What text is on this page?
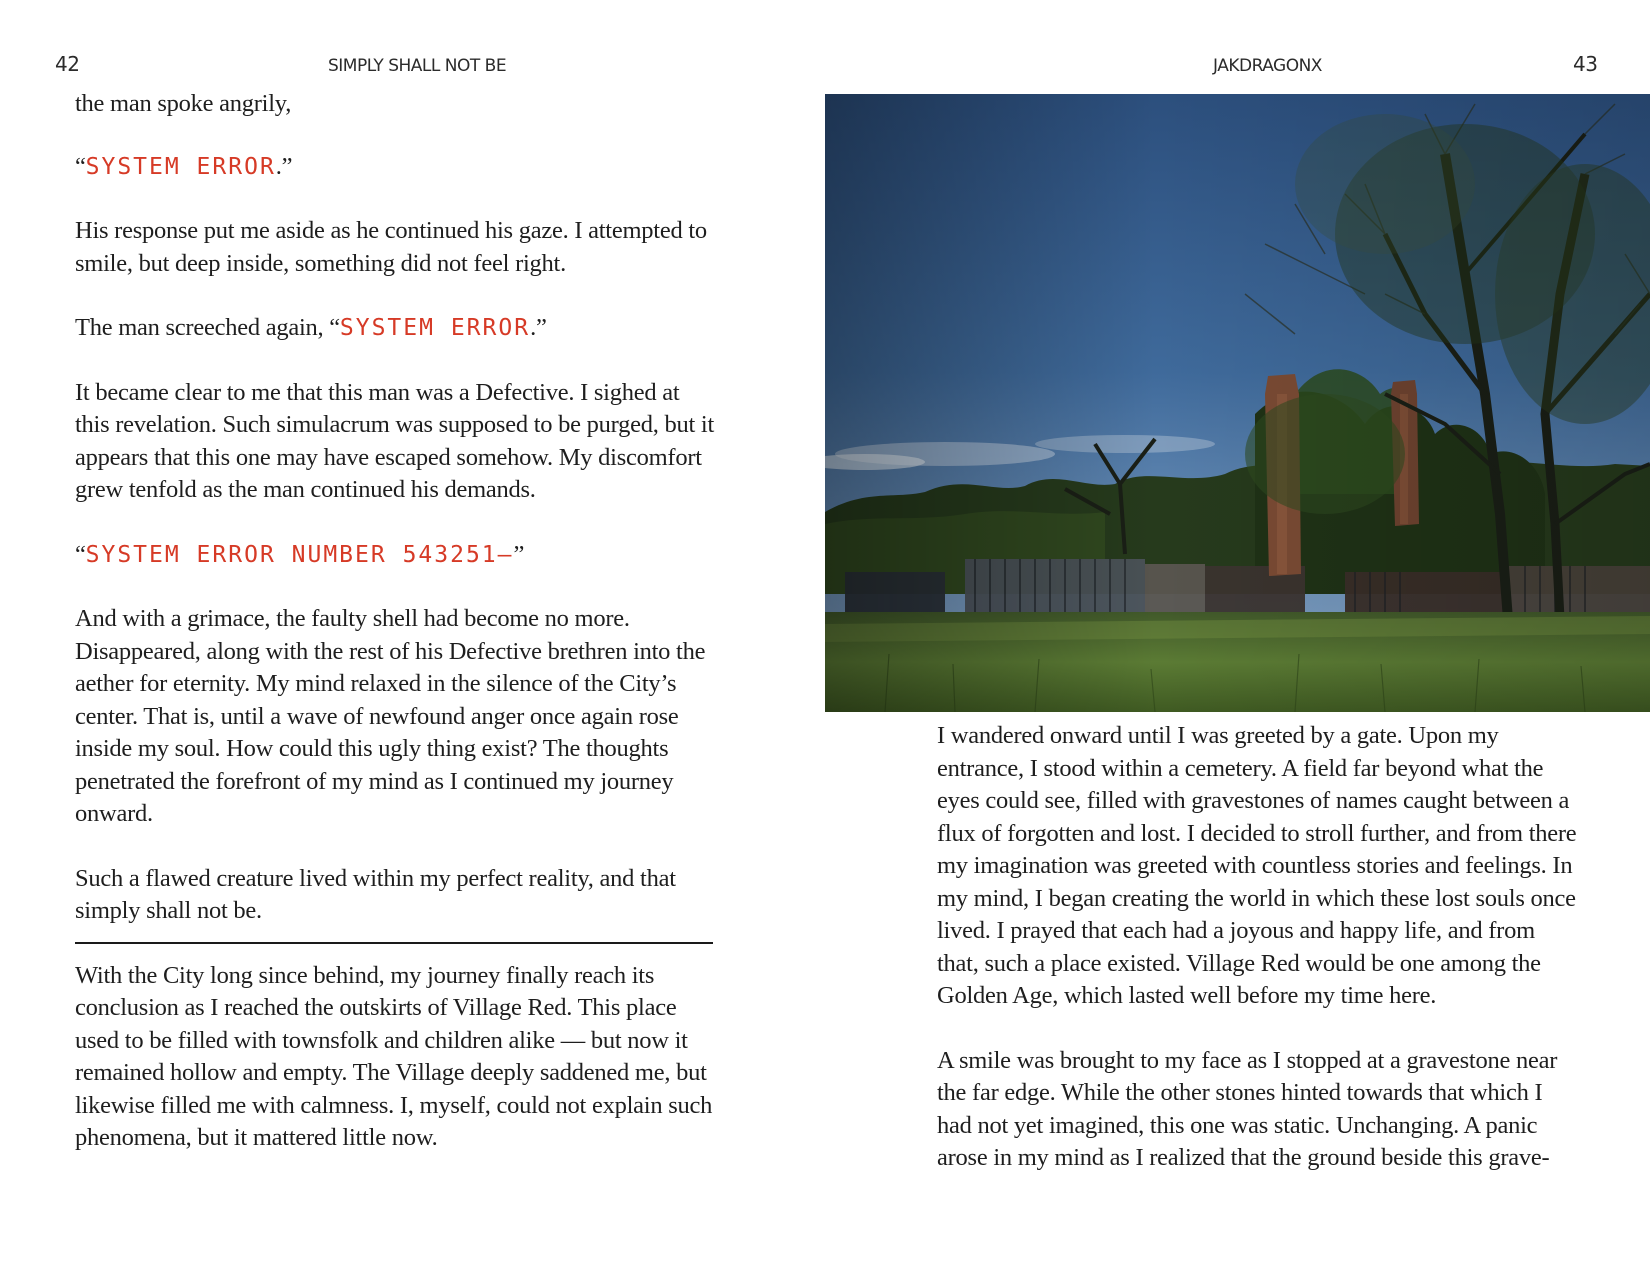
42	SIMPLY SHALL NOT BE

the man spoke angrily,

“SYSTEM ERROR.”

His response put me aside as he continued his gaze. I attempted to smile, but deep inside, something did not feel right.

The man screeched again, “SYSTEM ERROR.”

It became clear to me that this man was a Defective. I sighed at this revelation. Such simulacrum was supposed to be purged, but it appears that this one may have escaped somehow. My discomfort grew tenfold as the man continued his demands.

“SYSTEM ERROR NUMBER 543251—”

And with a grimace, the faulty shell had become no more. Disappeared, along with the rest of his Defective brethren into the aether for eternity. My mind relaxed in the silence of the City’s center. That is, until a wave of newfound anger once again rose inside my soul. How could this ugly thing exist? The thoughts penetrated the forefront of my mind as I continued my journey onward.

Such a flawed creature lived within my perfect reality, and that simply shall not be.

With the City long since behind, my journey finally reach its conclusion as I reached the outskirts of Village Red. This place used to be filled with townsfolk and children alike — but now it remained hollow and empty. The Village deeply saddened me, but likewise filled me with calmness. I, myself, could not explain such phenomena, but it mattered little now.

JAKDRAGONX	43

I wandered onward until I was greeted by a gate. Upon my entrance, I stood within a cemetery. A field far beyond what the eyes could see, filled with gravestones of names caught between a flux of forgotten and lost. I decided to stroll further, and from there my imagination was greeted with countless stories and feelings. In my mind, I began creating the world in which these lost souls once lived. I prayed that each had a joyous and happy life, and from that, such a place existed. Village Red would be one among the Golden Age, which lasted well before my time here.

A smile was brought to my face as I stopped at a gravestone near the far edge. While the other stones hinted towards that which I had not yet imagined, this one was static. Unchanging. A panic arose in my mind as I realized that the ground beside this grave-
